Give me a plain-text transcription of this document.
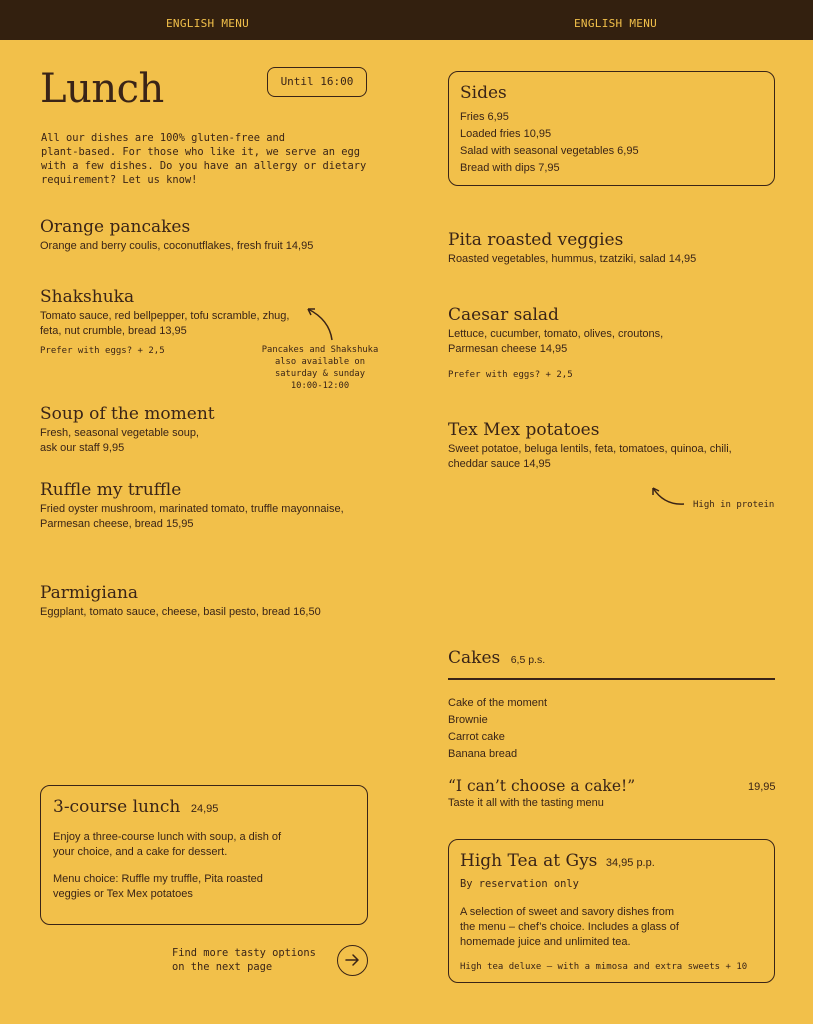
ENGLISH MENU	ENGLISH MENU
Lunch	Until 16:00
All our dishes are 100% gluten-free and
plant-based. For those who like it, we serve an egg
with a few dishes. Do you have an allergy or dietary
requirement? Let us know!
Orange pancakes
Orange and berry coulis, coconutflakes, fresh fruit 14,95
Shakshuka
Tomato sauce, red bellpepper, tofu scramble, zhug,
feta, nut crumble, bread 13,95
Prefer with eggs? + 2,5
Soup of the moment
Fresh, seasonal vegetable soup,
ask our staff 9,95
Ruffle my truffle
Fried oyster mushroom, marinated tomato, truffle mayonnaise,
Parmesan cheese, bread 15,95
Parmigiana
Eggplant, tomato sauce, cheese, basil pesto, bread 16,50
Pancakes and Shakshuka
also available on
saturday & sunday
10:00-12:00
3-course lunch 24,95
Enjoy a three-course lunch with soup, a dish of
your choice, and a cake for dessert.
Menu choice: Ruffle my truffle, Pita roasted
veggies or Tex Mex potatoes
Find more tasty options
on the next page
Sides
Fries 6,95
Loaded fries 10,95
Salad with seasonal vegetables 6,95
Bread with dips 7,95
Pita roasted veggies
Roasted vegetables, hummus, tzatziki, salad 14,95
Caesar salad
Lettuce, cucumber, tomato, olives, croutons,
Parmesan cheese 14,95
Prefer with eggs? + 2,5
Tex Mex potatoes
Sweet potatoe, beluga lentils, feta, tomatoes, quinoa, chili,
cheddar sauce 14,95
High in protein
Cakes 6,5 p.s.
Cake of the moment
Brownie
Carrot cake
Banana bread
“I can’t choose a cake!”	19,95
Taste it all with the tasting menu
High Tea at Gys 34,95 p.p.
By reservation only
A selection of sweet and savory dishes from
the menu – chef’s choice. Includes a glass of
homemade juice and unlimited tea.
High tea deluxe – with a mimosa and extra sweets + 10
